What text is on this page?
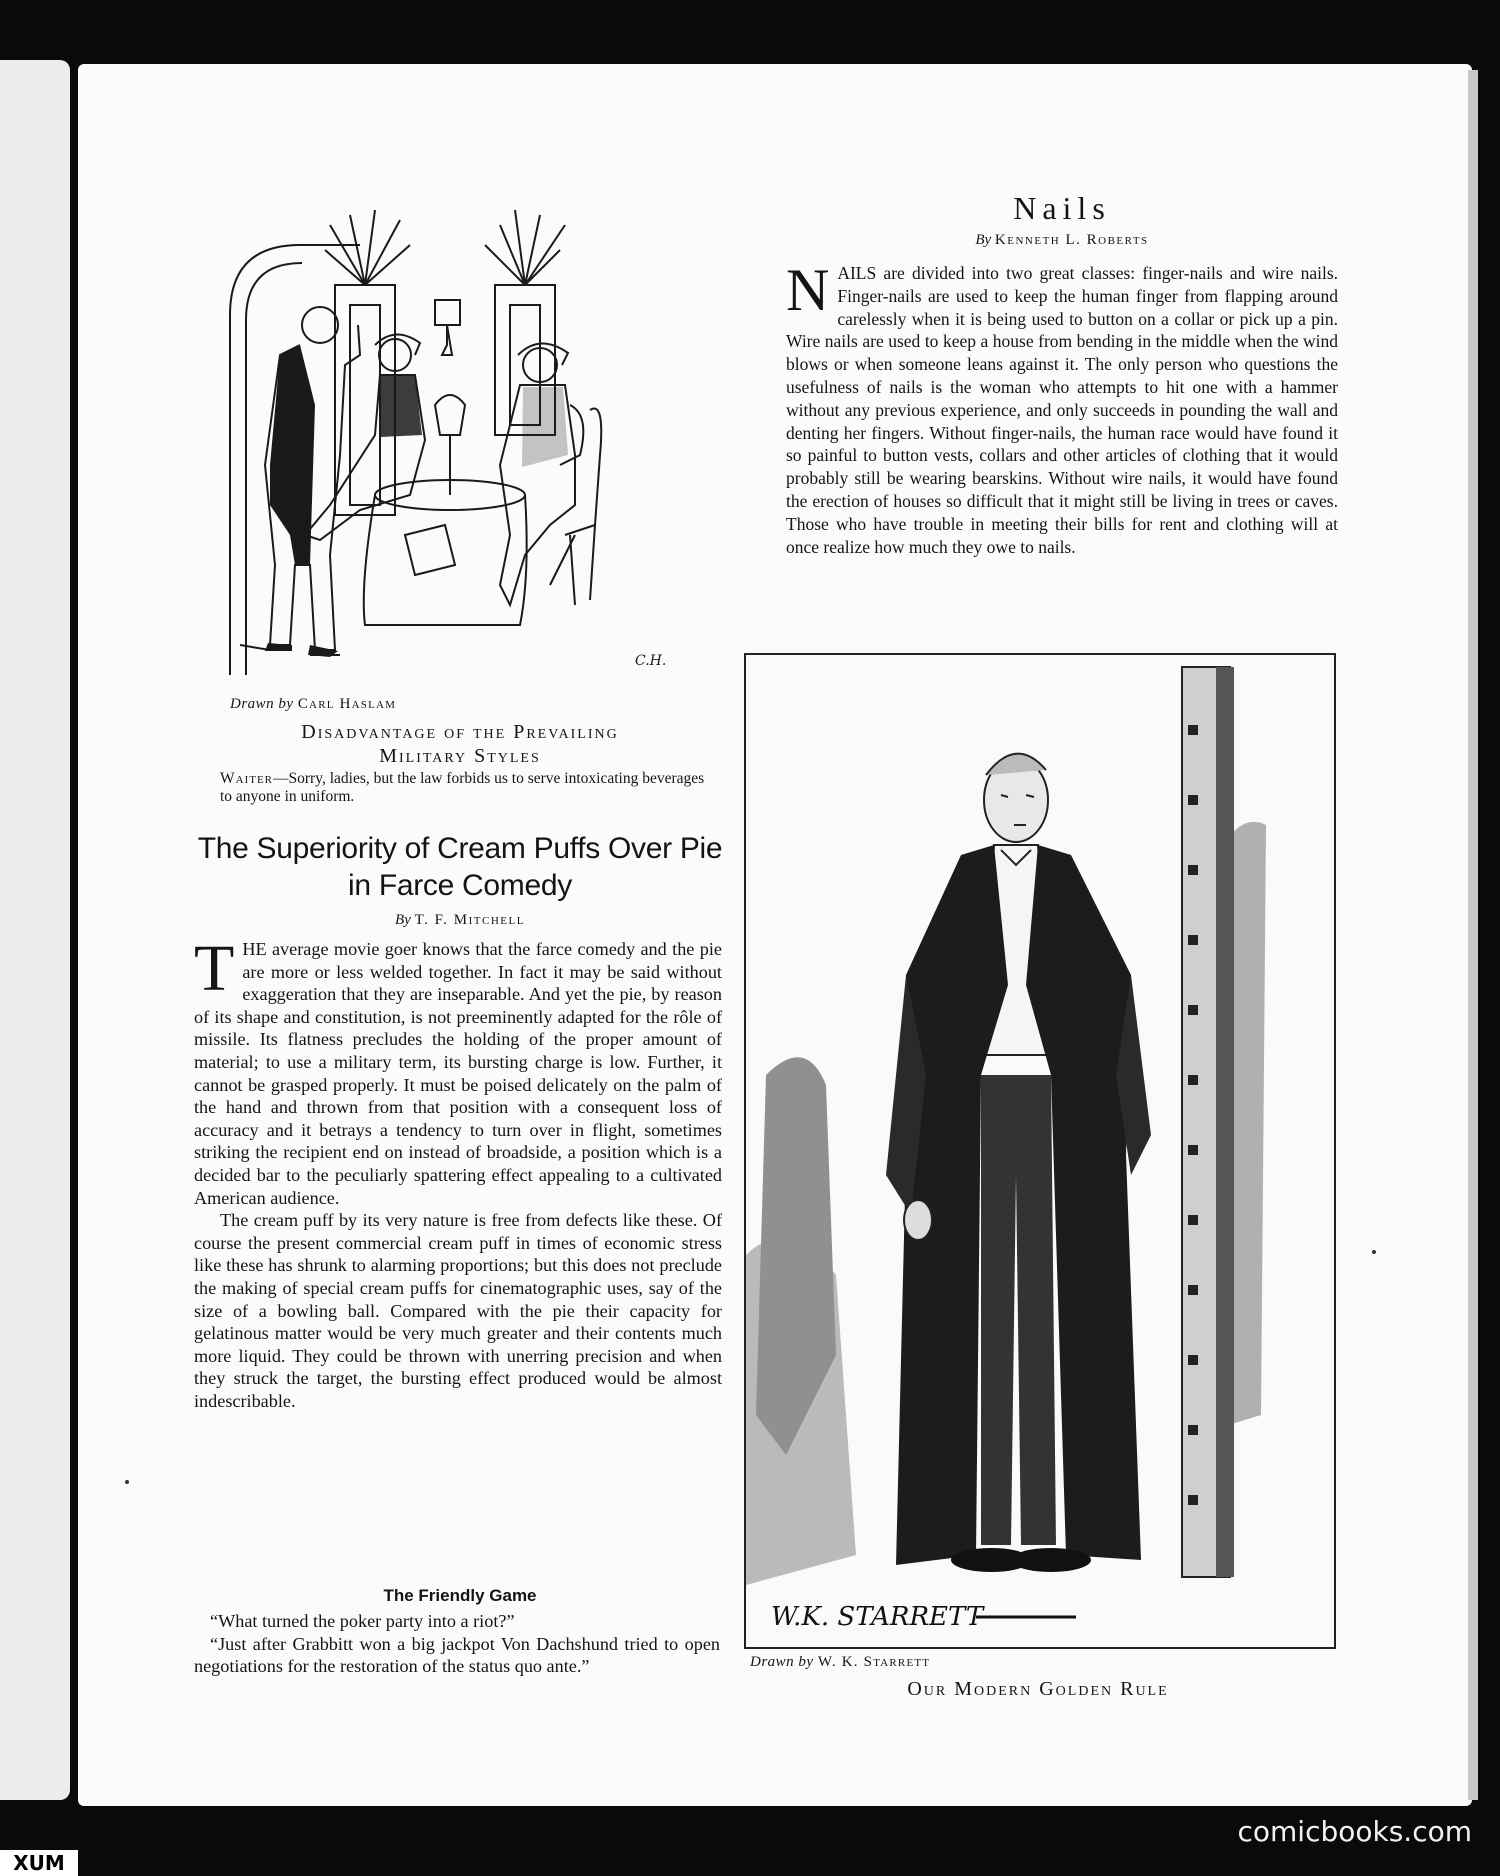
C.H.
Drawn by Carl Haslam
Disadvantage of the Prevailing
Military Styles
Waiter—Sorry, ladies, but the law forbids us to serve intoxicating beverages to anyone in uniform.
The Superiority of Cream Puffs Over Pie in Farce Comedy
By T. F. Mitchell

THE average movie goer knows that the farce comedy and the pie are more or less welded together. In fact it may be said without exaggeration that they are inseparable. And yet the pie, by reason of its shape and constitution, is not preeminently adapted for the rôle of missile. Its flatness precludes the holding of the proper amount of material; to use a military term, its bursting charge is low. Further, it cannot be grasped properly. It must be poised delicately on the palm of the hand and thrown from that position with a consequent loss of accuracy and it betrays a tendency to turn over in flight, sometimes striking the recipient end on instead of broadside, a position which is a decided bar to the peculiarly spattering effect appealing to a cultivated American audience.

The cream puff by its very nature is free from defects like these. Of course the present commercial cream puff in times of economic stress like these has shrunk to alarming proportions; but this does not preclude the making of special cream puffs for cinematographic uses, say of the size of a bowling ball. Compared with the pie their capacity for gelatinous matter would be very much greater and their contents much more liquid. They could be thrown with unerring precision and when they struck the target, the bursting effect produced would be almost indescribable.

The Friendly Game

“What turned the poker party into a riot?”

“Just after Grabbitt won a big jackpot Von Dachshund tried to open negotiations for the restoration of the status quo ante.”

Nails
By Kenneth L. Roberts

NAILS are divided into two great classes: finger-nails and wire nails. Finger-nails are used to keep the human finger from flapping around carelessly when it is being used to button on a collar or pick up a pin. Wire nails are used to keep a house from bending in the middle when the wind blows or when someone leans against it. The only person who questions the usefulness of nails is the woman who attempts to hit one with a hammer without any previous experience, and only succeeds in pounding the wall and denting her fingers. Without finger-nails, the human race would have found it so painful to button vests, collars and other articles of clothing that it would probably still be wearing bearskins. Without wire nails, it would have found the erection of houses so difficult that it might still be living in trees or caves. Those who have trouble in meeting their bills for rent and clothing will at once realize how much they owe to nails.

W.K. STARRETT
Drawn by W. K. Starrett
Our Modern Golden Rule
comicbooks.com
XUM
